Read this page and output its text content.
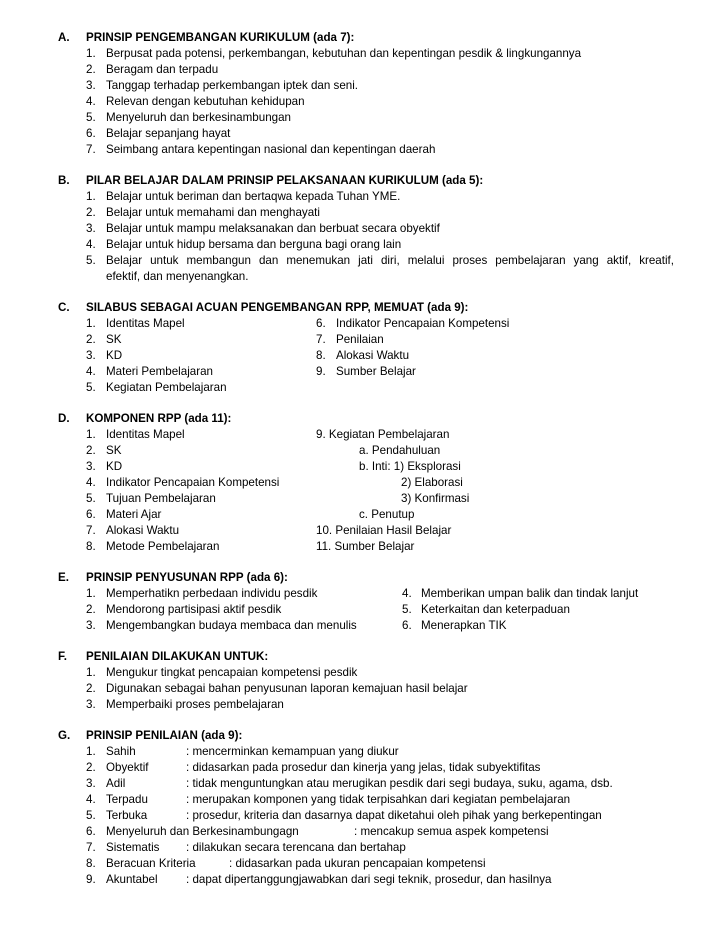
A. PRINSIP PENGEMBANGAN KURIKULUM (ada 7):
1. Berpusat pada potensi, perkembangan, kebutuhan dan kepentingan pesdik & lingkungannya
2. Beragam dan terpadu
3. Tanggap terhadap perkembangan iptek dan seni.
4. Relevan dengan kebutuhan kehidupan
5. Menyeluruh dan berkesinambungan
6. Belajar sepanjang hayat
7. Seimbang antara kepentingan nasional dan kepentingan daerah
B. PILAR BELAJAR DALAM PRINSIP PELAKSANAAN KURIKULUM (ada 5):
1. Belajar untuk beriman dan bertaqwa kepada Tuhan YME.
2. Belajar untuk memahami dan menghayati
3. Belajar untuk mampu melaksanakan dan berbuat secara obyektif
4. Belajar untuk hidup bersama dan berguna bagi orang lain
5. Belajar untuk membangun dan menemukan jati diri, melalui proses pembelajaran yang aktif, kreatif,
efektif, dan menyenangkan.
C. SILABUS SEBAGAI ACUAN PENGEMBANGAN RPP, MEMUAT (ada 9):
1. Identitas Mapel	6. Indikator Pencapaian Kompetensi
2. SK	7. Penilaian
3. KD	8. Alokasi Waktu
4. Materi Pembelajaran	9. Sumber Belajar
5. Kegiatan Pembelajaran
D. KOMPONEN RPP (ada 11):
1. Identitas Mapel	9. Kegiatan Pembelajaran
2. SK	a. Pendahuluan
3. KD	b. Inti: 1) Eksplorasi
4. Indikator Pencapaian Kompetensi	2) Elaborasi
5. Tujuan Pembelajaran	3) Konfirmasi
6. Materi Ajar	c. Penutup
7. Alokasi Waktu	10. Penilaian Hasil Belajar
8. Metode Pembelajaran	11. Sumber Belajar
E. PRINSIP PENYUSUNAN RPP (ada 6):
1. Memperhatikn perbedaan individu pesdik	4. Memberikan umpan balik dan tindak lanjut
2. Mendorong partisipasi aktif pesdik	5. Keterkaitan dan keterpaduan
3. Mengembangkan budaya membaca dan menulis	6. Menerapkan TIK
F. PENILAIAN DILAKUKAN UNTUK:
1. Mengukur tingkat pencapaian kompetensi pesdik
2. Digunakan sebagai bahan penyusunan laporan kemajuan hasil belajar
3. Memperbaiki proses pembelajaran
G. PRINSIP PENILAIAN (ada 9):
1. Sahih	: mencerminkan kemampuan yang diukur
2. Obyektif	: didasarkan pada prosedur dan kinerja yang jelas, tidak subyektifitas
3. Adil	: tidak menguntungkan atau merugikan pesdik dari segi budaya, suku, agama, dsb.
4. Terpadu	: merupakan komponen yang tidak terpisahkan dari kegiatan pembelajaran
5. Terbuka	: prosedur, kriteria dan dasarnya dapat diketahui oleh pihak yang berkepentingan
6. Menyeluruh dan Berkesinambungagn	: mencakup semua aspek kompetensi
7. Sistematis : dilakukan secara terencana dan bertahap
8. Beracuan Kriteria	: didasarkan pada ukuran pencapaian kompetensi
9. Akuntabel : dapat dipertanggungjawabkan dari segi teknik, prosedur, dan hasilnya
